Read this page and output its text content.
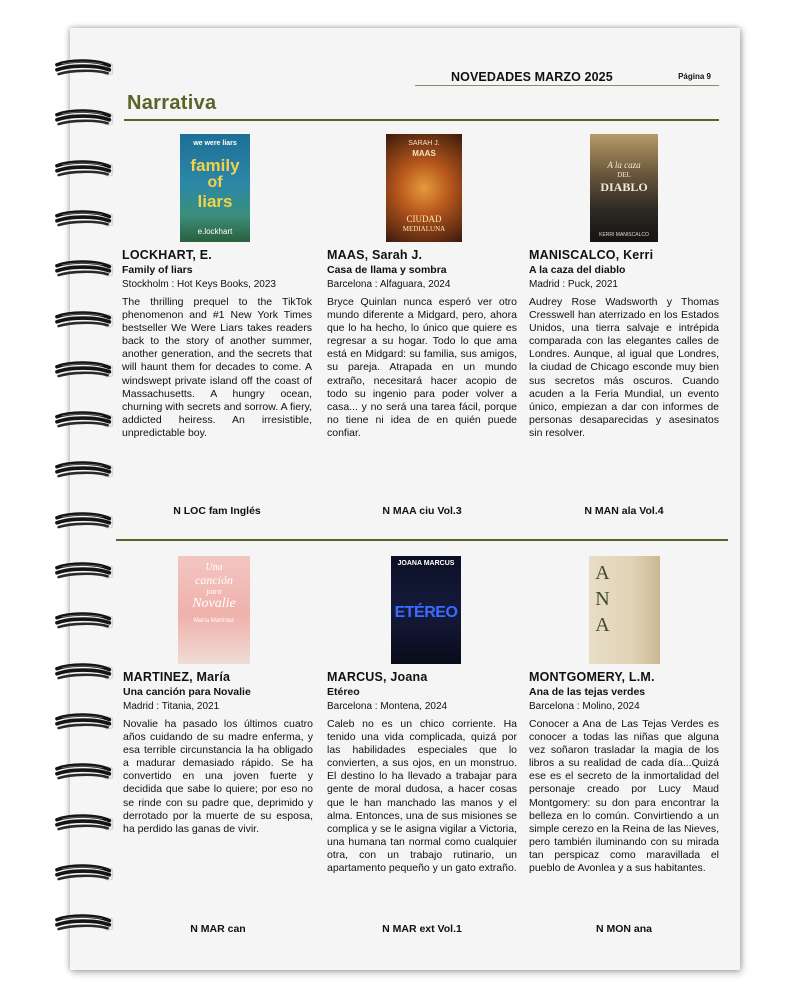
NOVEDADES MARZO 2025	Página 9
Narrativa
we were liars
family
of
liars
e.lockhart
LOCKHART, E.
Family of liars
Stockholm : Hot Keys Books, 2023
The thrilling prequel to the TikTok phenomenon and #1 New York Times bestseller We Were Liars takes readers back to the story of another summer, another generation, and the secrets that will haunt them for decades to come. A windswept private island off the coast of Massachusetts. A hungry ocean, churning with secrets and sorrow. A fiery, addicted heiress. An irresistible, unpredictable boy.
N LOC fam Inglés
SARAH J.
MAAS
CIUDAD
MEDIALUNA
MAAS, Sarah J.
Casa de llama y sombra
Barcelona : Alfaguara, 2024
Bryce Quinlan nunca esperó ver otro mundo diferente a Midgard, pero, ahora que lo ha hecho, lo único que quiere es regresar a su hogar. Todo lo que ama está en Midgard: su familia, sus amigos, su pareja. Atrapada en un mundo extraño, necesitará hacer acopio de todo su ingenio para poder volver a casa... y no será una tarea fácil, porque no tiene ni idea de en quién puede confiar.
N MAA ciu Vol.3
A la caza
DEL
DIABLO
KERRI MANISCALCO
MANISCALCO, Kerri
A la caza del diablo
Madrid : Puck, 2021
Audrey Rose Wadsworth y Thomas Cresswell han aterrizado en los Estados Unidos, una tierra salvaje e intrépida comparada con las elegantes calles de Londres. Aunque, al igual que Londres, la ciudad de Chicago esconde muy bien sus secretos más oscuros. Cuando acuden a la Feria Mundial, un evento único, empiezan a dar con informes de personas desaparecidas y asesinatos sin resolver.
N MAN ala Vol.4
Una
canción
para
Novalie
María Martínez
MARTINEZ, María
Una canción para Novalie
Madrid : Titania, 2021
Novalie ha pasado los últimos cuatro años cuidando de su madre enferma, y esa terrible circunstancia la ha obligado a madurar demasiado rápido. Se ha convertido en una joven fuerte y decidida que sabe lo quiere; por eso no se rinde con su padre que, deprimido y derrotado por la muerte de su esposa, ha perdido las ganas de vivir.
N MAR can
JOANA MARCUS
ETÉREO
MARCUS, Joana
Etéreo
Barcelona : Montena, 2024
Caleb no es un chico corriente. Ha tenido una vida complicada, quizá por las habilidades especiales que lo convierten, a sus ojos, en un monstruo. El destino lo ha llevado a trabajar para gente de moral dudosa, a hacer cosas que le han manchado las manos y el alma. Entonces, una de sus misiones se complica y se le asigna vigilar a Victoria, una humana tan normal como cualquier otra, con un trabajo rutinario, un apartamento pequeño y un gato extraño.
N MAR ext Vol.1
A
N
A
MONTGOMERY, L.M.
Ana de las tejas verdes
Barcelona : Molino, 2024
Conocer a Ana de Las Tejas Verdes es conocer a todas las niñas que alguna vez soñaron trasladar la magia de los libros a su realidad de cada día...Quizá ese es el secreto de la inmortalidad del personaje creado por Lucy Maud Montgomery: su don para encontrar la belleza en lo común. Convirtiendo a un simple cerezo en la Reina de las Nieves, pero también iluminando con su mirada tan perspicaz como maravillada el pueblo de Avonlea y a sus habitantes.
N MON ana
